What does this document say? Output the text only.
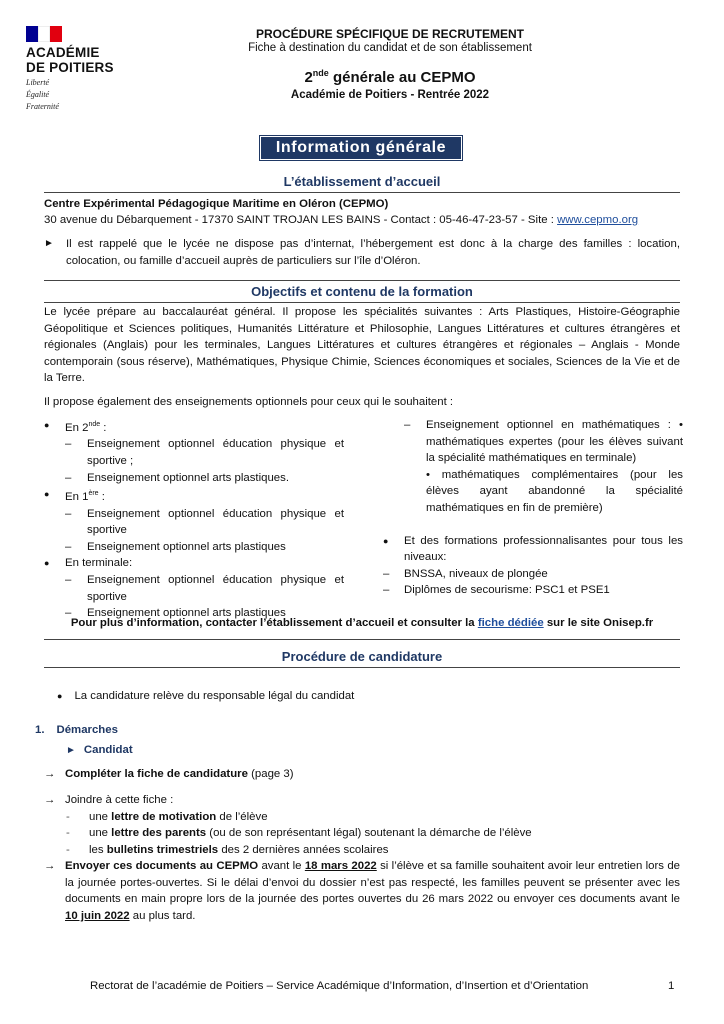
ACADÉMIE
DE POITIERS
Liberté
Égalité
Fraternité
PROCÉDURE SPÉCIFIQUE DE RECRUTEMENT
Fiche à destination du candidat et de son établissement
2nde générale au CEPMO
Académie de Poitiers - Rentrée 2022
Information générale
L’établissement d’accueil
Centre Expérimental Pédagogique Maritime en Oléron (CEPMO)
30 avenue du Débarquement - 17370 SAINT TROJAN LES BAINS - Contact : 05-46-47-23-57 - Site : www.cepmo.org
► Il est rappelé que le lycée ne dispose pas d’internat, l’hébergement est donc à la charge des familles : location, colocation, ou famille d’accueil auprès de particuliers sur l’île d’Oléron.
Objectifs et contenu de la formation
Le lycée prépare au baccalauréat général. Il propose les spécialités suivantes : Arts Plastiques, Histoire-Géographie Géopolitique et Sciences politiques, Humanités Littérature et Philosophie, Langues Littératures et cultures étrangères et régionales (Anglais) pour les terminales, Langues Littératures et cultures étrangères et régionales – Anglais - Monde contemporain (sous réserve), Mathématiques, Physique Chimie, Sciences économiques et sociales, Sciences de la Vie et de la Terre.
Il propose également des enseignements optionnels pour ceux qui le souhaitent :
● En 2nde :
– Enseignement optionnel éducation physique et sportive ;
– Enseignement optionnel arts plastiques.
● En 1ère :
– Enseignement optionnel éducation physique et sportive
– Enseignement optionnel arts plastiques
● En terminale:
– Enseignement optionnel éducation physique et sportive
– Enseignement optionnel arts plastiques
– Enseignement optionnel en mathématiques : • mathématiques expertes (pour les élèves suivant la spécialité mathématiques en terminale)
• mathématiques complémentaires (pour les élèves ayant abandonné la spécialité mathématiques en fin de première)
● Et des formations professionnalisantes pour tous les niveaux:
– BNSSA, niveaux de plongée
– Diplômes de secourisme: PSC1 et PSE1
Pour plus d’information, contacter l’établissement d’accueil et consulter la fiche dédiée sur le site Onisep.fr
Procédure de candidature
● La candidature relève du responsable légal du candidat
1. Démarches
► Candidat
→ Compléter la fiche de candidature (page 3)
→ Joindre à cette fiche :
- une lettre de motivation de l’élève
- une lettre des parents (ou de son représentant légal) soutenant la démarche de l’élève
- les bulletins trimestriels des 2 dernières années scolaires
→ Envoyer ces documents au CEPMO avant le 18 mars 2022 si l’élève et sa famille souhaitent avoir leur entretien lors de la journée portes-ouvertes. Si le délai d’envoi du dossier n’est pas respecté, les familles peuvent se présenter avec les documents en main propre lors de la journée des portes ouvertes du 26 mars 2022 ou envoyer ces documents avant le 10 juin 2022 au plus tard.
Rectorat de l’académie de Poitiers – Service Académique d’Information, d’Insertion et d’Orientation	1
